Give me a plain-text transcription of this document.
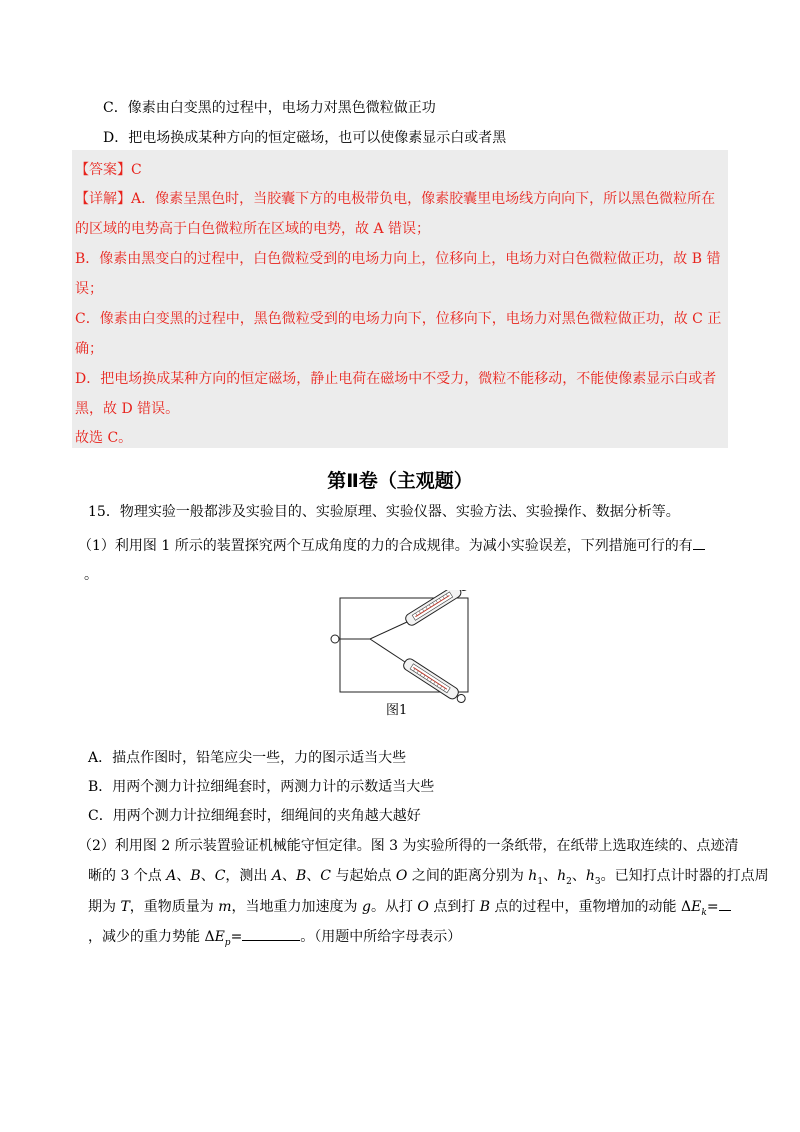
C．像素由白变黑的过程中，电场力对黑色微粒做正功
D．把电场换成某种方向的恒定磁场，也可以使像素显示白或者黑
【答案】C
【详解】A．像素呈黑色时，当胶囊下方的电极带负电，像素胶囊里电场线方向向下，所以黑色微粒所在
的区域的电势高于白色微粒所在区域的电势，故 A 错误；
B．像素由黑变白的过程中，白色微粒受到的电场力向上，位移向上，电场力对白色微粒做正功，故 B 错
误；
C．像素由白变黑的过程中，黑色微粒受到的电场力向下，位移向下，电场力对黑色微粒做正功，故 C 正
确；
D．把电场换成某种方向的恒定磁场，静止电荷在磁场中不受力，微粒不能移动，不能使像素显示白或者
黑，故 D 错误。
故选 C。
第Ⅱ卷（主观题）
15．物理实验一般都涉及实验目的、实验原理、实验仪器、实验方法、实验操作、数据分析等。
（1）利用图 1 所示的装置探究两个互成角度的力的合成规律。为减小实验误差，下列措施可行的有
。
图1
A．描点作图时，铅笔应尖一些，力的图示适当大些
B．用两个测力计拉细绳套时，两测力计的示数适当大些
C．用两个测力计拉细绳套时，细绳间的夹角越大越好
（2）利用图 2 所示装置验证机械能守恒定律。图 3 为实验所得的一条纸带，在纸带上选取连续的、点迹清
晰的 3 个点 A、B、C，测出 A、B、C 与起始点 O 之间的距离分别为 $h_1$、$h_2$、$h_3$。已知打点计时器的打点周
期为 T，重物质量为 m，当地重力加速度为 g。从打 O 点到打 B 点的过程中，重物增加的动能 $\Delta E_k=$
，减少的重力势能 $\Delta E_p=$	。（用题中所给字母表示）
